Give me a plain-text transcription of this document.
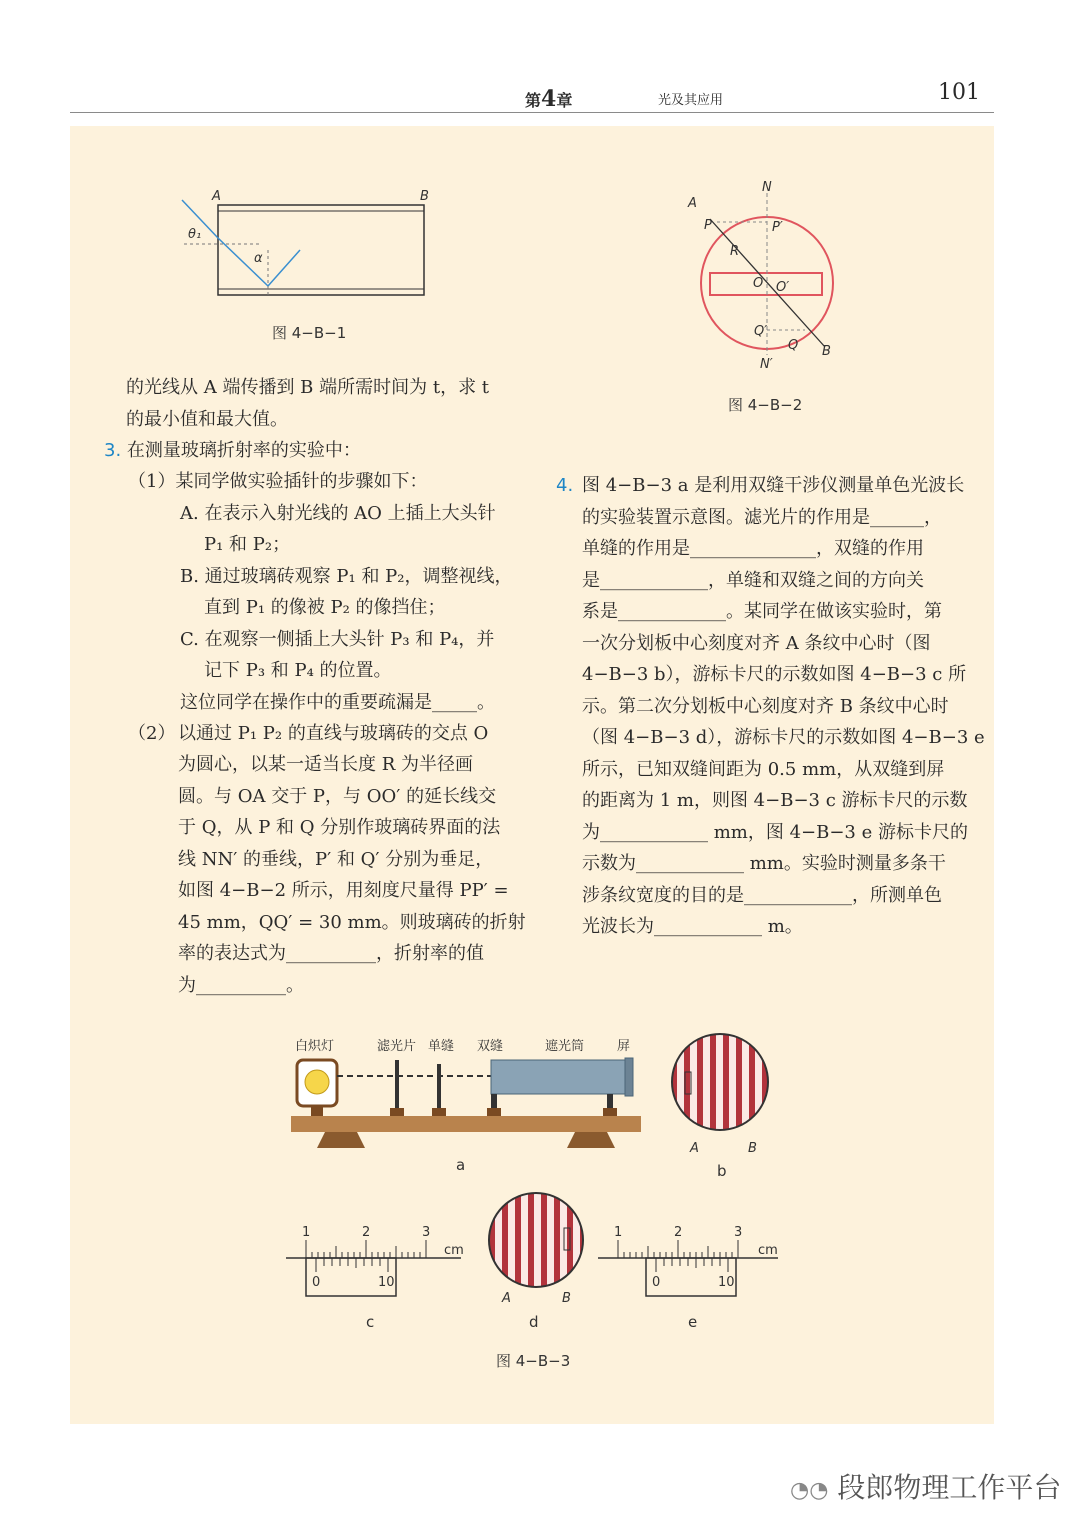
第4章	光及其应用	101
A	B
θ₁
α
图 4−B−1
A
B
N
N′
P	P′
R
O O′
Q′
Q
图 4−B−2
的光线从 A 端传播到 B 端所需时间为 t，求 t
的最小值和最大值。
3. 在测量玻璃折射率的实验中：
（1）某同学做实验插针的步骤如下：
A. 在表示入射光线的 AO 上插上大头针
P₁ 和 P₂；
B. 通过玻璃砖观察 P₁ 和 P₂，调整视线，
直到 P₁ 的像被 P₂ 的像挡住；
C. 在观察一侧插上大头针 P₃ 和 P₄，并
记下 P₃ 和 P₄ 的位置。
这位同学在操作中的重要疏漏是_____。
（2） 以通过 P₁ P₂ 的直线与玻璃砖的交点 O
为圆心，以某一适当长度 R 为半径画
圆。与 OA 交于 P，与 OO′ 的延长线交
于 Q，从 P 和 Q 分别作玻璃砖界面的法
线 NN′ 的垂线，P′ 和 Q′ 分别为垂足，
如图 4−B−2 所示，用刻度尺量得 PP′ =
45 mm，QQ′ = 30 mm。则玻璃砖的折射
率的表达式为__________，折射率的值
为__________。
4. 图 4−B−3 a 是利用双缝干涉仪测量单色光波长
的实验装置示意图。滤光片的作用是______，
单缝的作用是______________，双缝的作用
是____________，单缝和双缝之间的方向关
系是____________。某同学在做该实验时，第
一次分划板中心刻度对齐 A 条纹中心时（图
4−B−3 b），游标卡尺的示数如图 4−B−3 c 所
示。第二次分划板中心刻度对齐 B 条纹中心时
（图 4−B−3 d），游标卡尺的示数如图 4−B−3 e
所示，已知双缝间距为 0.5 mm，从双缝到屏
的距离为 1 m，则图 4−B−3 c 游标卡尺的示数
为____________ mm，图 4−B−3 e 游标卡尺的
示数为____________ mm。实验时测量多条干
涉条纹宽度的目的是____________，所测单色
光波长为____________ m。
白炽灯	滤光片 单缝 双缝	遮光筒	屏
a
A	B
b
1	2	3
cm
0	10
c
A	B
d
1	2	3
cm
0	10
e
图 4−B−3
◔◔ 段郎物理工作平台
